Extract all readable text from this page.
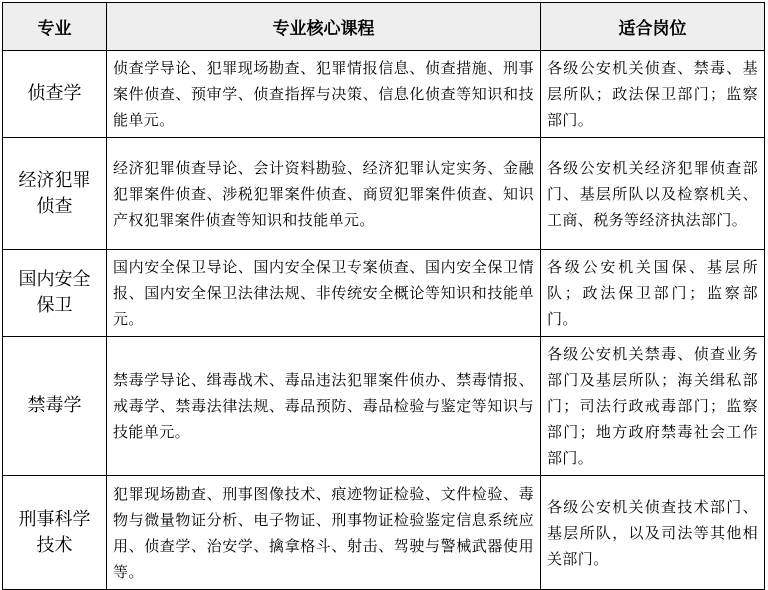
专业	专业核心课程	适合岗位
侦查学	侦查学导论、犯罪现场勘查、犯罪情报信息、侦查措施、刑事案件侦查、预审学、侦查指挥与决策、信息化侦查等知识和技能单元。	各级公安机关侦查、禁毒、基层所队；政法保卫部门；监察部门。
经济犯罪侦查	经济犯罪侦查导论、会计资料勘验、经济犯罪认定实务、金融犯罪案件侦查、涉税犯罪案件侦查、商贸犯罪案件侦查、知识产权犯罪案件侦查等知识和技能单元。	各级公安机关经济犯罪侦查部门、基层所队以及检察机关、工商、税务等经济执法部门。
国内安全保卫	国内安全保卫导论、国内安全保卫专案侦查、国内安全保卫情报、国内安全保卫法律法规、非传统安全概论等知识和技能单元。	各级公安机关国保、基层所队；政法保卫部门；监察部门。
禁毒学	禁毒学导论、缉毒战术、毒品违法犯罪案件侦办、禁毒情报、戒毒学、禁毒法律法规、毒品预防、毒品检验与鉴定等知识与技能单元。	各级公安机关禁毒、侦查业务部门及基层所队；海关缉私部门；司法行政戒毒部门；监察部门；地方政府禁毒社会工作部门。
刑事科学技术	犯罪现场勘查、刑事图像技术、痕迹物证检验、文件检验、毒物与微量物证分析、电子物证、刑事物证检验鉴定信息系统应用、侦查学、治安学、擒拿格斗、射击、驾驶与警械武器使用等。	各级公安机关侦查技术部门、基层所队，以及司法等其他相关部门。
